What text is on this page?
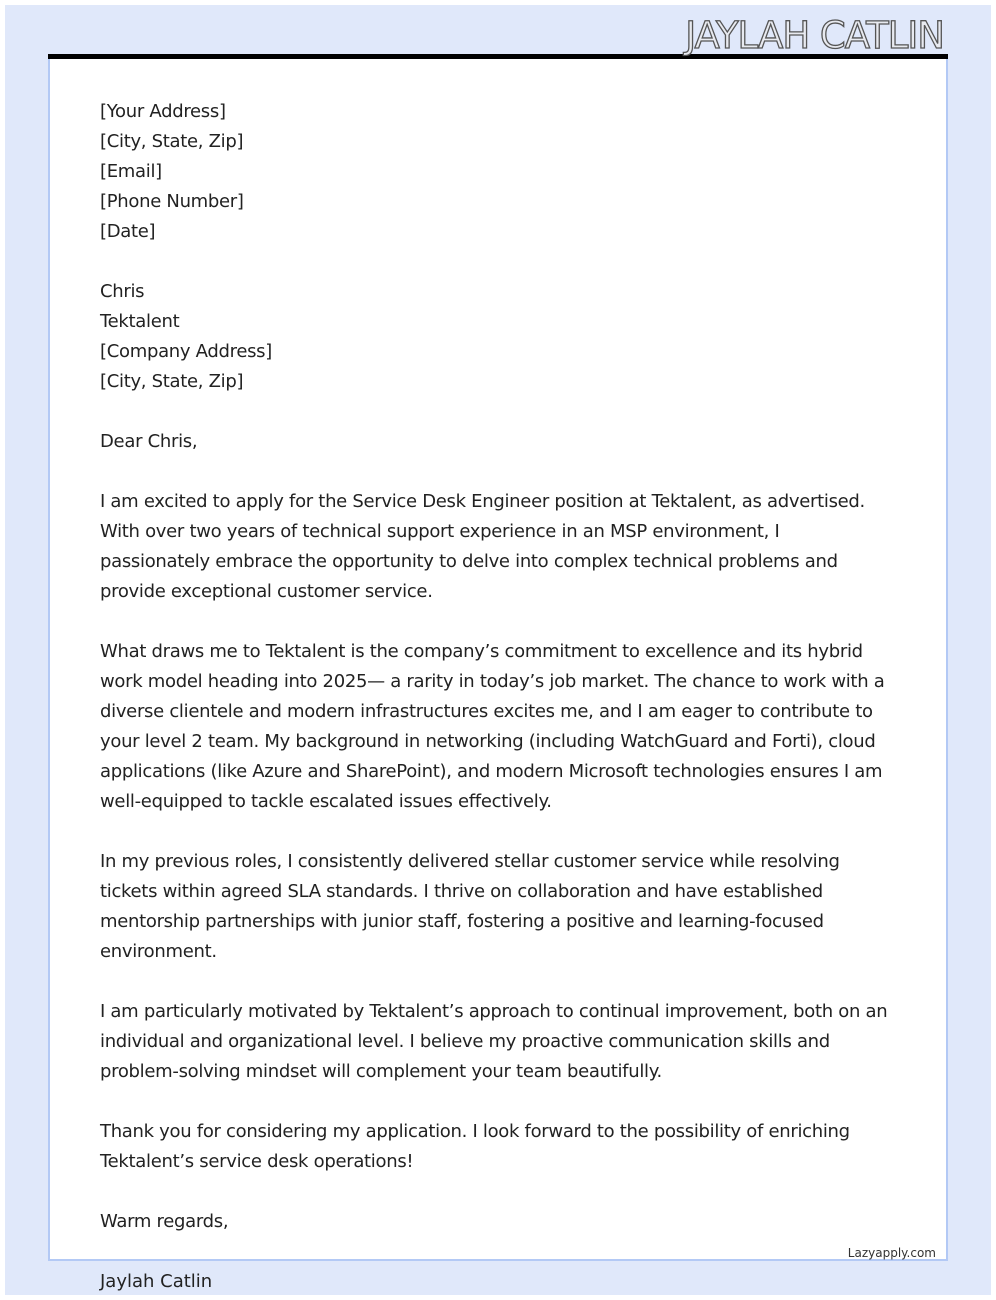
JAYLAH CATLIN
[Your Address]
[City, State, Zip]
[Email]
[Phone Number]
[Date]
Chris
Tektalent
[Company Address]
[City, State, Zip]
Dear Chris,
I am excited to apply for the Service Desk Engineer position at Tektalent, as advertised.
With over two years of technical support experience in an MSP environment, I
passionately embrace the opportunity to delve into complex technical problems and
provide exceptional customer service.
What draws me to Tektalent is the company’s commitment to excellence and its hybrid
work model heading into 2025— a rarity in today’s job market. The chance to work with a
diverse clientele and modern infrastructures excites me, and I am eager to contribute to
your level 2 team. My background in networking (including WatchGuard and Forti), cloud
applications (like Azure and SharePoint), and modern Microsoft technologies ensures I am
well-equipped to tackle escalated issues effectively.
In my previous roles, I consistently delivered stellar customer service while resolving
tickets within agreed SLA standards. I thrive on collaboration and have established
mentorship partnerships with junior staff, fostering a positive and learning-focused
environment.
I am particularly motivated by Tektalent’s approach to continual improvement, both on an
individual and organizational level. I believe my proactive communication skills and
problem-solving mindset will complement your team beautifully.
Thank you for considering my application. I look forward to the possibility of enriching
Tektalent’s service desk operations!
Warm regards,
Lazyapply.com
Jaylah Catlin
